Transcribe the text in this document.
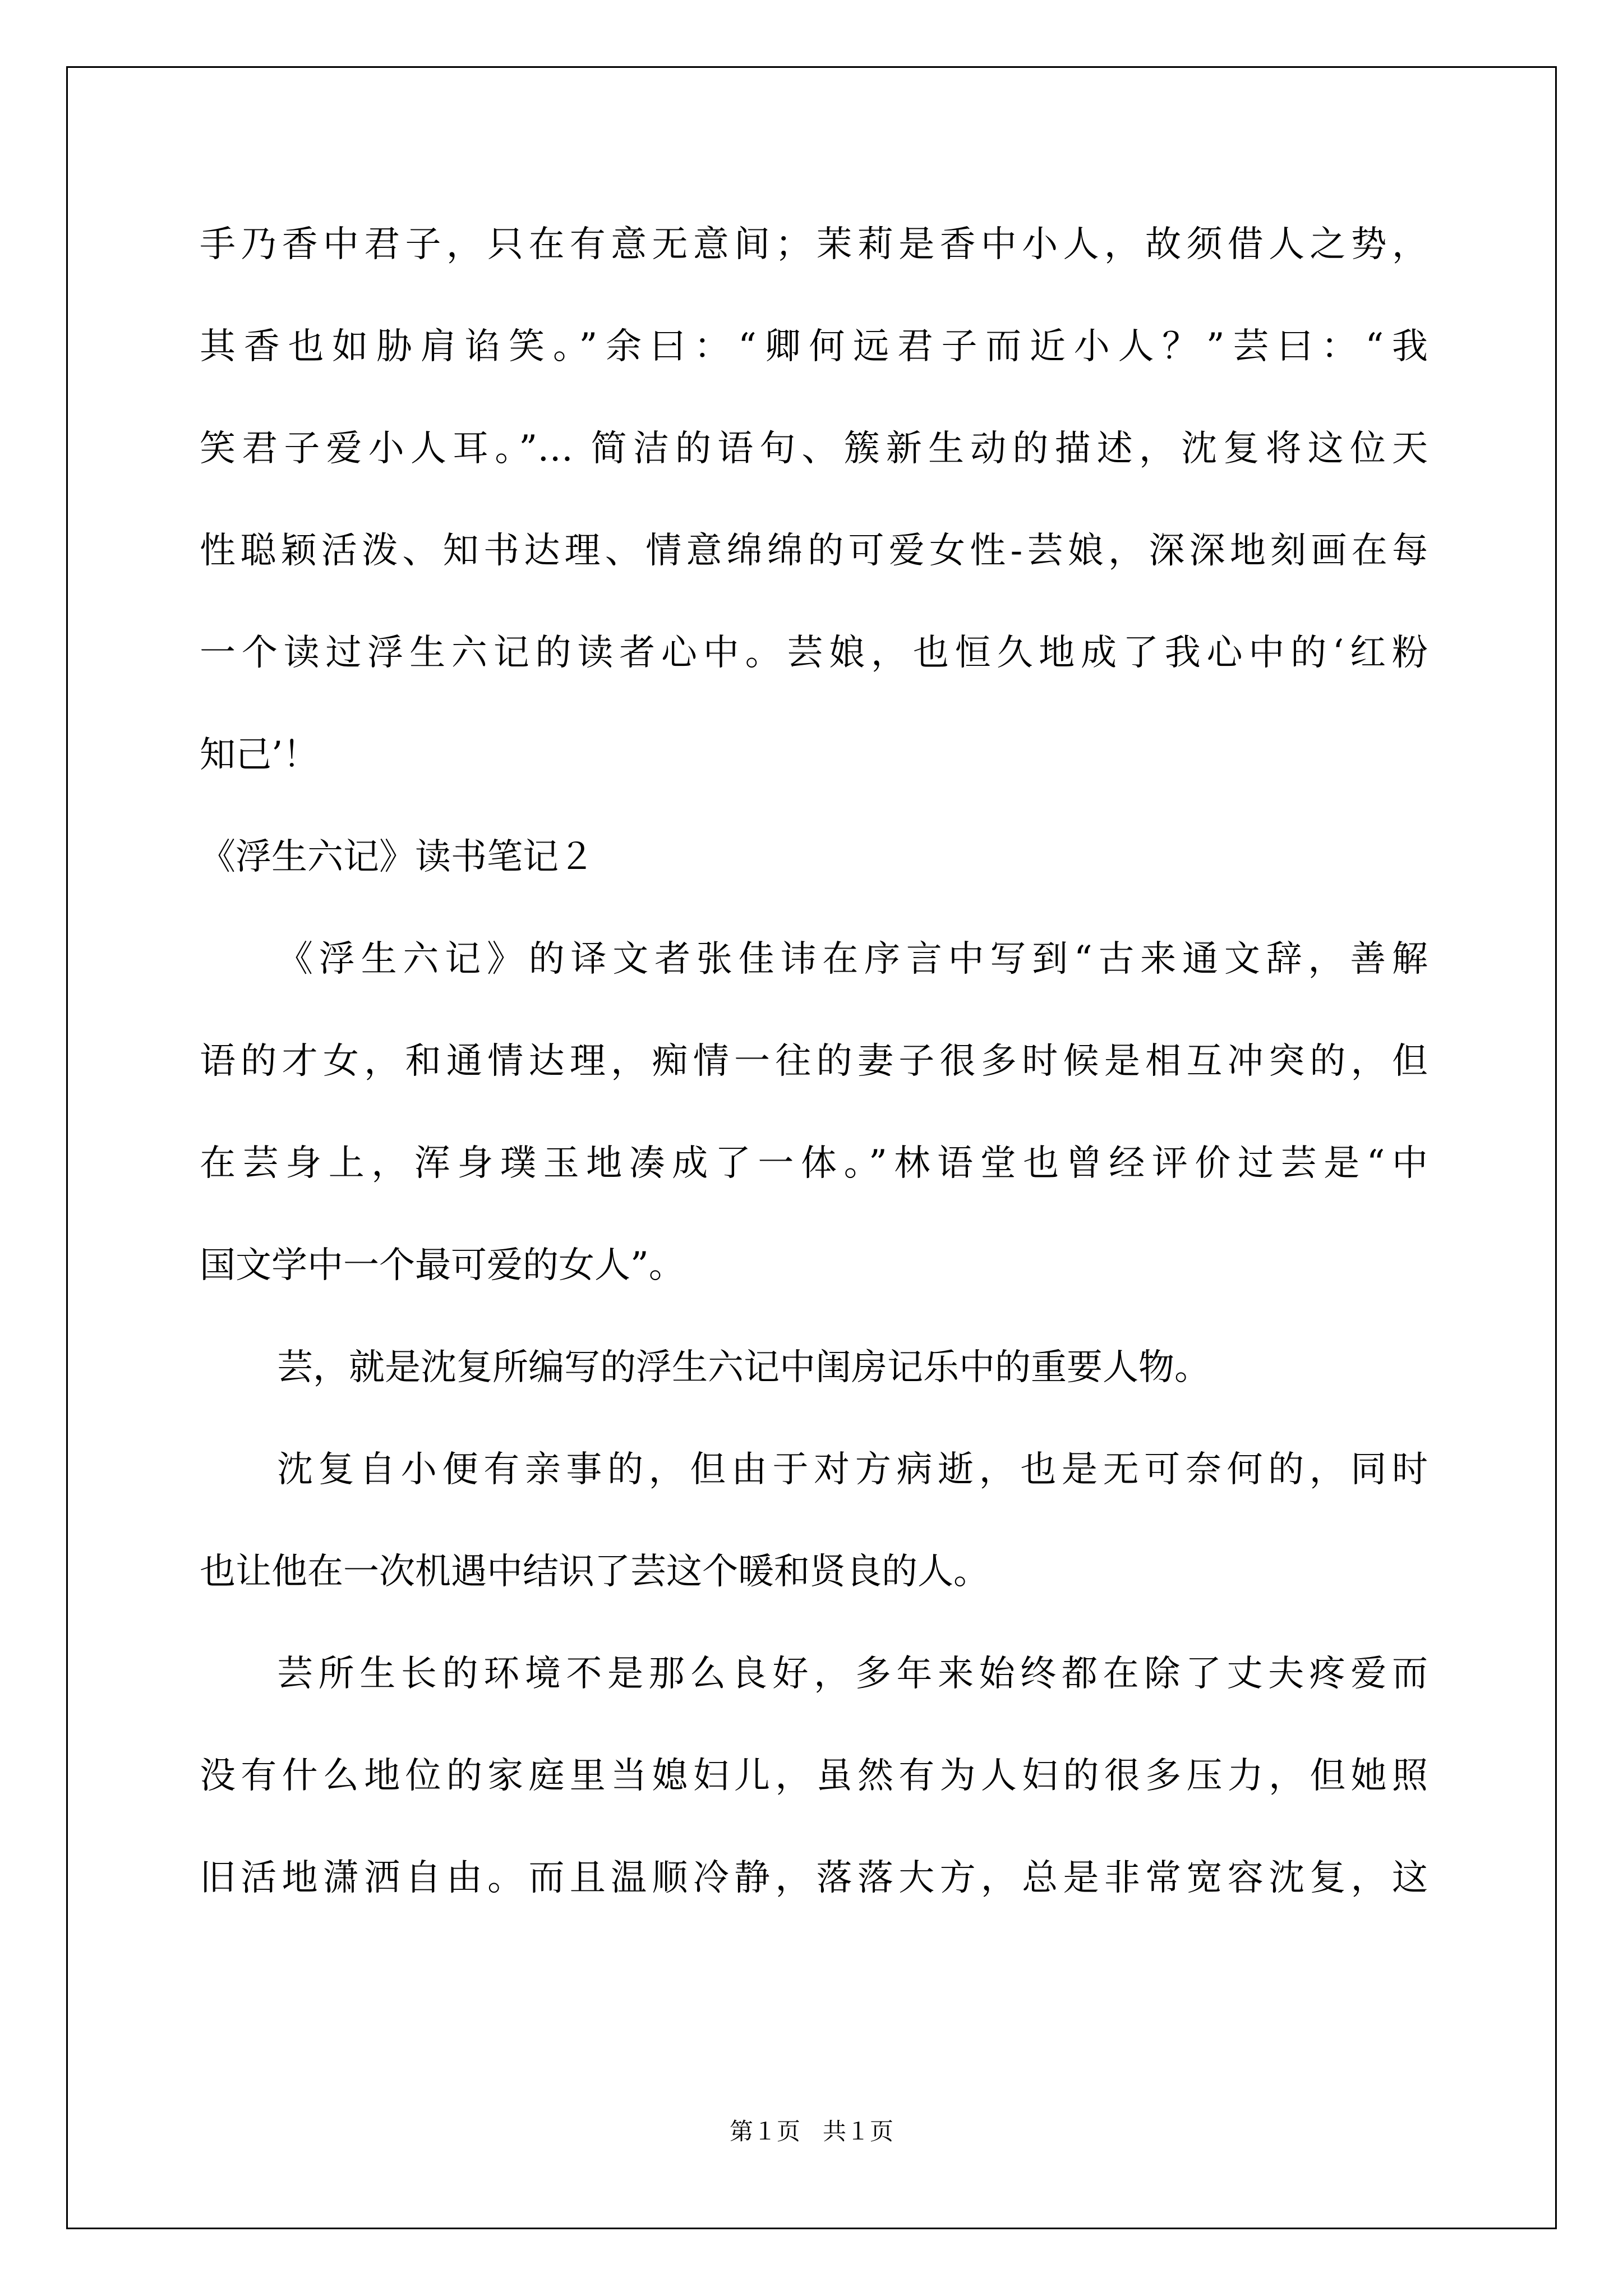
手乃香中君子，只在有意无意间；茉莉是香中小人，故须借人之势，
其香也如胁肩谄笑。”余曰：“卿何远君子而近小人？”芸曰：“我
笑君子爱小人耳。”… 简洁的语句、簇新生动的描述，沈复将这位天
性聪颖活泼、知书达理、情意绵绵的可爱女性-芸娘，深深地刻画在每
一个读过浮生六记的读者心中。芸娘，也恒久地成了我心中的‘红粉
知己’！
《浮生六记》读书笔记２
《浮生六记》的译文者张佳讳在序言中写到“古来通文辞，善解
语的才女，和通情达理，痴情一往的妻子很多时候是相互冲突的，但
在芸身上，浑身璞玉地凑成了一体。”林语堂也曾经评价过芸是“中
国文学中一个最可爱的女人”。
芸，就是沈复所编写的浮生六记中闺房记乐中的重要人物。
沈复自小便有亲事的，但由于对方病逝，也是无可奈何的，同时
也让他在一次机遇中结识了芸这个暖和贤良的人。
芸所生长的环境不是那么良好，多年来始终都在除了丈夫疼爱而
没有什么地位的家庭里当媳妇儿，虽然有为人妇的很多压力，但她照
旧活地潇洒自由。而且温顺冷静，落落大方，总是非常宽容沈复，这
第１页   共１页
